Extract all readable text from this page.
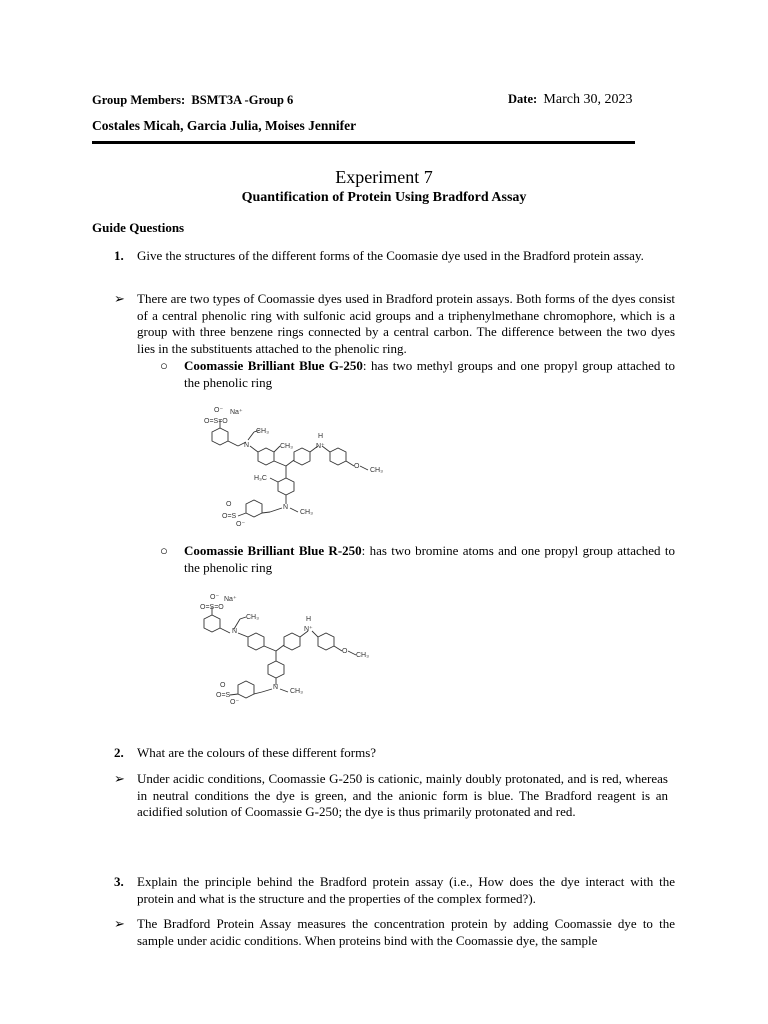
Group Members: BSMT3A -Group 6	Date: March 30, 2023
Costales Micah, Garcia Julia, Moises Jennifer
Experiment 7
Quantification of Protein Using Bradford Assay
Guide Questions
1. Give the structures of the different forms of the Coomasie dye used in the Bradford protein assay.
➢ There are two types of Coomassie dyes used in Bradford protein assays. Both forms of the dyes consist of a central phenolic ring with sulfonic acid groups and a triphenylmethane chromophore, which is a group with three benzene rings connected by a central carbon. The difference between the two dyes lies in the substituents attached to the phenolic ring.
○ Coomassie Brilliant Blue G-250: has two methyl groups and one propyl group attached to the phenolic ring
O⁻ Na⁺
O=S=O
CH₃
N	CH₃
H
N⁺
O
CH₃
H₃C
N
CH₃
O
O=S
O⁻
○ Coomassie Brilliant Blue R-250: has two bromine atoms and one propyl group attached to the phenolic ring
O⁻ Na⁺
O=S=O
CH₃
N
H
N⁺
O
CH₃
N
CH₃
O
O=S
O⁻
2. What are the colours of these different forms?
➢ Under acidic conditions, Coomassie G-250 is cationic, mainly doubly protonated, and is red, whereas in neutral conditions the dye is green, and the anionic form is blue. The Bradford reagent is an acidified solution of Coomassie G-250; the dye is thus primarily protonated and red.
3. Explain the principle behind the Bradford protein assay (i.e., How does the dye interact with the protein and what is the structure and the properties of the complex formed?).
➢ The Bradford Protein Assay measures the concentration protein by adding Coomassie dye to the sample under acidic conditions. When proteins bind with the Coomassie dye, the sample
